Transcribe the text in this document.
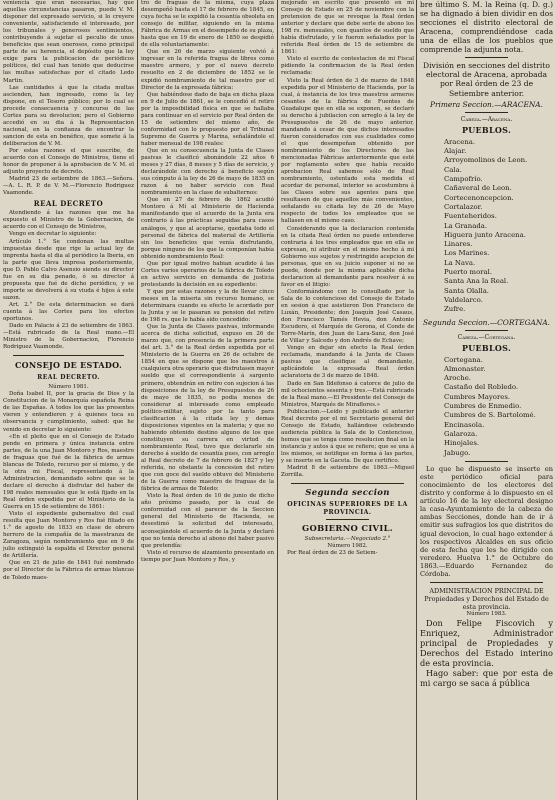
veniencia que eran necesarias, hay que aquellas circunstancias pasaron, puede V. M. disponer del expresado servicio, si lo creyere conveniente, satisfaciendo el interesado, por los tribunales y generosos sentimientos, contribuyendo á sujetar el peculio de unos beneficios que sean onerosos, como principal parte de su herencia, el depósito que la ley exige para la publicacion de periódicos políticos, del cual han tenido que deducirse las multas satisfechas por el citado Ledo Martin.

Las cantidades á que la citada multas ascienden, han ingresado, como la ley dispone, en el Tesoro público; por lo cual se procede consecuencia y concurso de las Cortes para su devolucion; pero el Gobierno accedió en su dia á la Representacion nacional, en la confianza de encontrar la sancion de esta en benéfico, que somete á la deliberacion de V. M.

Por estas razones el que suscribe, de acuerdo con el Consejo de Ministros, tiene el honor de proponer á la aprobacion de V. M. el adjunto proyecto de decreto.

Madrid 23 de setiembre de 1863.—Señora.—A. L. R. P. de V. M.—Florencio Rodriguez Vaamonde.

REAL DECRETO

Atendiendo á las razones que me ha expuesto el Ministro de la Gobernacion, de acuerdo con el Consejo de Ministros,

Vengo en decretar lo siguiente:

Artículo 1.° Se condonan las multas impuestas desde que rige la actual ley de imprenta hasta el dia al periódico la Iberia, en la parte que lleva impresa posteriormente, que D. Pablo Calvo Asensio siendo su director fue en su dia penado, ó su director á propuesta que fué de dicho periódico, y se importe se devolverá á su viuda é hijos á este sazon.

Art. 2.° De esta determinacion se dará cuenta á las Cortes para los efectos oportunos.

Dado en Palacio á 23 de setiembre de 1863.—Está rubricado de la Real mano.—El Ministro de la Gobernacion, Florencio Rodriguez Vaamonde.

CONSEJO DE ESTADO.
REAL DECRETO.

Número 1981.

Doña Isabel II, por la gracia de Dios y la Constitucion de la Monarquía española Reina de las Españas. A todos los que las presentes vieren y entendieren y á quienes toca su observancia y cumplimiento, sabed: que he venido en decretar lo siguiente:

«En el pleito que en el Consejo de Estado pende en primera y única instancia entre partes, de la una Juan Montoro y Ros, maestro de fraguas que fué de la fábrica de armas blancas de Toledo, recurso por sí mismo, y de la otra mi Fiscal, representando á la Administracion, demandado sobre que se le declare el derecho á disfrutar del haber de 198 reales mensuales que le está fijado en la Real órden expedida por el Ministerio de la Guerra en 15 de setiembre de 1861:

Visto el expediente gubernativo del cual resulta que Juan Montoro y Ros fué filiado en 1.° de agosto de 1833 en clase de obrero herrero de la compañía de la maestranza de Zaragoza, según nombramiento que en 9 de julio extinguió la espalda el Director general de Artillería.

Que en 21 de julio de 1841 fué nombrado por el Director de la Fábrica de armas blancas de Toledo maes-

tro de fraguas de la misma, cuya plaza desempeñó hasta el 17 de febrero de 1845, en cuya fecha se le expidió la cesantía obsoleta en consejo de militar, siguiendo en la misma Fábrica de Armas en el desempeño de su plaza, hasta que en 19 de enero de 1850 se despidió de ella voluntariamente:

Que en 26 de marzo siguiente volvió á ingresar en la referida fragua de libres como maestro armero, y por el nuevo decreto resuelto en 2 de diciembre de 1852 se le expidió nombramiento de tal maestro por el Director de la expresada fábrica:

Que habiéndose dado de baja en dicha plaza en 9 de Julio de 1861, se le concedió el retiro por la imposibilidad física en que se hallaba para continuar en el servicio por Real órden de 15 de setiembre del mismo año, de conformidad con lo propuesto por el Tribunal Supremo de Guerra y Marina, señalándole el haber mensual de 198 reales:

Que en su consecuencia la Junta de Clases pasivas le clasificó abonándole 22 años 6 meses y 27 días, 8 meses y 5 días de servicio, y declarándole con derecho á beneficio según sus cómputo á la ley de 26 de mayo de 1835 en razon á no haber servicio con Real nombramiento en la clase de subalternos:

Que en 27 de febrero de 1862 acudió Montoro á Mí al Ministerio de Hacienda manifestando que el acuerdo de la Junta era contrario á las prácticas seguidas para casos análogos, y que al aceptarse, quedaba todo el personal de fábrica del material de Artillería sin los beneficios que venía disfrutando, porque ninguno de los que la componían había obtenido nombramiento Real:

Que por igual motivo habian acudido á las Cortes varios operarios de la fábrica de Toledo en activo servicio en demanda de justicia protestando la decisión en su expediente:

Y que por estas razones y la de llevar cinco meses en la miseria sin recurso humano, se determinara cuando su efecto le acordado por la Junta y se le pasaran su pension del retiro de 198 rs. que le había sido concedido:

Que la Junta de Clases pasivas, informando acerca de dicha solicitud, expuso en 26 de marzo que, con presencia de la primera parte del art. 3.° de la Real órden expedida por el Ministerio de la Guerra en 26 de octubre de 1854 en que se dispone que los maestros á cualquiera otra operario que disfrutasen mayor sueldo que el correspondiente á sargento primero, obtendrán en retiro con sujecion á las disposiciones de la ley de Presupuestos de 26 de mayo de 1835, no podia menos de considerar al interesado como empleado político-militar, sujeto por la tanto para clasificacion á la citada ley y demas disposiciones vigentes en la materia; y que no habiendo obtenido destino alguno de los que constituyen su carrera en virtud de nombramiento Real, tuvo que declararle sin derecho á sueldo de cesantía pues, con arreglo al Real decreto de 7 de febrero de 1827 y ley referida, no obstante la concesion del retiro que con goce del sueldo obtuvo del Ministerio de la Guerra como maestro de fraguas de la fábrica de armas de Toledo:

Visto la Real órden de 10 de junio de dicho año próximo pasado, por la cual de conformidad con el parecer de la Seccion general del Ministerio de Hacienda, se desestimó la solicitud del interesado, aconsejándole el acuerdo de la Junta y declaró que no tenía derecho al abono del haber pasivo que pretendía:

Visto el recurso de alzamiento presentado en tiempo por Juan Montoro y Ros, y

mejorado en escrito que presentó en mi Consejo de Estado en 25 de noviembre con la pretension de que se revoque la Real órden anterior y declare que debe serle de abono los 198 rs. mensuales, con quantos de sueldo que había disfrutado, y le fueron señalados por la referida Real órden de 15 de setiembre de 1861:

Visto el escrito de contestacion de mi Fiscal pidiendo la confirmacion de la Real órden reclamada:

Visto la Real órden de 3 de marzo de 1848 expedida por el Ministerio de Hacienda, por la cual, á instancia de los tres maestros armeros cesantes de la fábrica de Fuentes de Guadalupe que en ella se exponen, se declaró su derecho á jubilacion con arreglo á la ley de Presupuestos de 26 de mayo anterior, mandando á cesar de que dichos interesados fueron considerados con sus cualidades como el que desempeñan obtenido por nombramiento de los Directores de las mencionadas Fábricas anteriormente que esté por reglamento sobre que había recaído aprobacion Real sabemos sólo de Real nombramiento, ostentado esta medida el acordar de personal, interior se acostumbra á las Clases sobre sus agentes para que resultasen de que aquellos más convenientes, señalando su citada ley de 26 de Mayo respecto de todos los empleados que se hallasen en el mismo caso.

Considerando que la declaracion contenida en la citada Real órden no puede entenderse contraria á los tres empleados que en ella se expresan, ni atribuir en el mismo hecho á mi Gobierno sus sujetos y restringido acepcion de personas, que en su juicio suponer si no se puede, donde por la misma aplicable dicha declaracion al demandante para resolver á su favor en el litigio:

Conformándome con lo consultado por la Sala de lo contencioso del Consejo de Estado en sesion á que asistieron Don Francisco de Luxán, Presidente; don Joaquín José Casaus, don Francisco Tamés Hevia, don Antonio Escudero, el Marqués de Gerona, el Conde de Torre-Marín, don Juan de Lara-Sanz, don José de Villar y Salcedo y don Andrés de Echave;

Vengo en dejar sin efecto la Real órden reclamada, mandando á la Junta de Clases pasivas que clasifique al demandante, aplicándole la expresada Real órden aclaratoria de 3 de marzo de 1848.

Dado en San Ildefonso á catorce de julio de mil ochocientos sesenta y tres.—Está rubricado de la Real mano.—El Presidente del Consejo de Ministros, Marqués de Miraflores.»

Publicacion.—Leido y publicado el anterior Real decreto por el mi Secretario general del Consejo de Estado, hallándose celebrando audiencia pública la Sala de lo Contencioso, hemos que se tenga como resolucion final en la instancia y autos á que se refiere; que se una á los mismos, se notifique en forma á las partes, y se inserte en la Gaceta. De que certifico.

Madrid 8 de setiembre de 1863.—Miguel Zorrilla.

Segunda seccion
OFICINAS SUPERIORES DE LA
PROVINCIA.
GOBIERNO CIVIL.

Subsecretaria.—Negociado 2.°

Número 1982.

Por Real órden de 23 de Setiem-

bre último S. M. la Reina (q. D. g.) se ha dignado á bien dividir en dos secciones el distrito electoral de Aracena, comprendiéndose cada una de ellas de los pueblos que comprende la adjunta nota.

División en secciones del distrito electoral de Aracena, aprobada por Real órden de 23 de Setiembre anterior.

Primera Seccion.—ARACENA.

Cabeza.—Aracena.

PUEBLOS.
Aracena.
Alajar.
Arroyomolinos de Leon.
Cala.
Campofrío.
Cañaveral de Leon.
Cortecenoncepcion.
Cortalazor.
Fuenteheridos.
La Granada.
Higuera junto Aracena.
Linares.
Los Marines.
La Nava.
Puerto moral.
Santa Ana la Real.
Santa Olalla.
Valdelarco.
Zufre.

Segunda Seccion.—CORTEGANA.

Cabeza.—Cortegana.

PUEBLOS.
Cortegana.
Almonaster.
Aroche.
Castaño del Robledo.
Cumbres Mayores.
Cumbres de Enmedio.
Cumbres de S. Bartolomé.
Encinasola.
Galaroza.
Hinojales.
Jabugo.

Lo que he dispuesto se inserte en este periódico oficial para conocimiento de los electores del distrito y conforme á lo dispuesto en el artículo 16 de la ley electoral designo la casa-Ayuntamiento de la cabeza de ambas Secciones, donde han de ir á emitir sus sufragios los que distritos de igual devocion, lo cual hago extender á los respectivos Alcaldes en sus oficio de esta fecha que les he dirigido con veredero. Huelva 1.° de Octubre de 1863.—Eduardo Fernandez de Córdoba.

ADMINISTRACION PRINCIPAL DE Propiedades y Derechos del Estado de esta provincia.

Número 1983.

Don Felipe Fiscovich y Enriquez, Administrador principal de Propiedades y Derechos del Estado interino de esta provincia.

Hago saber: que por esta de mi cargo se saca á pública
